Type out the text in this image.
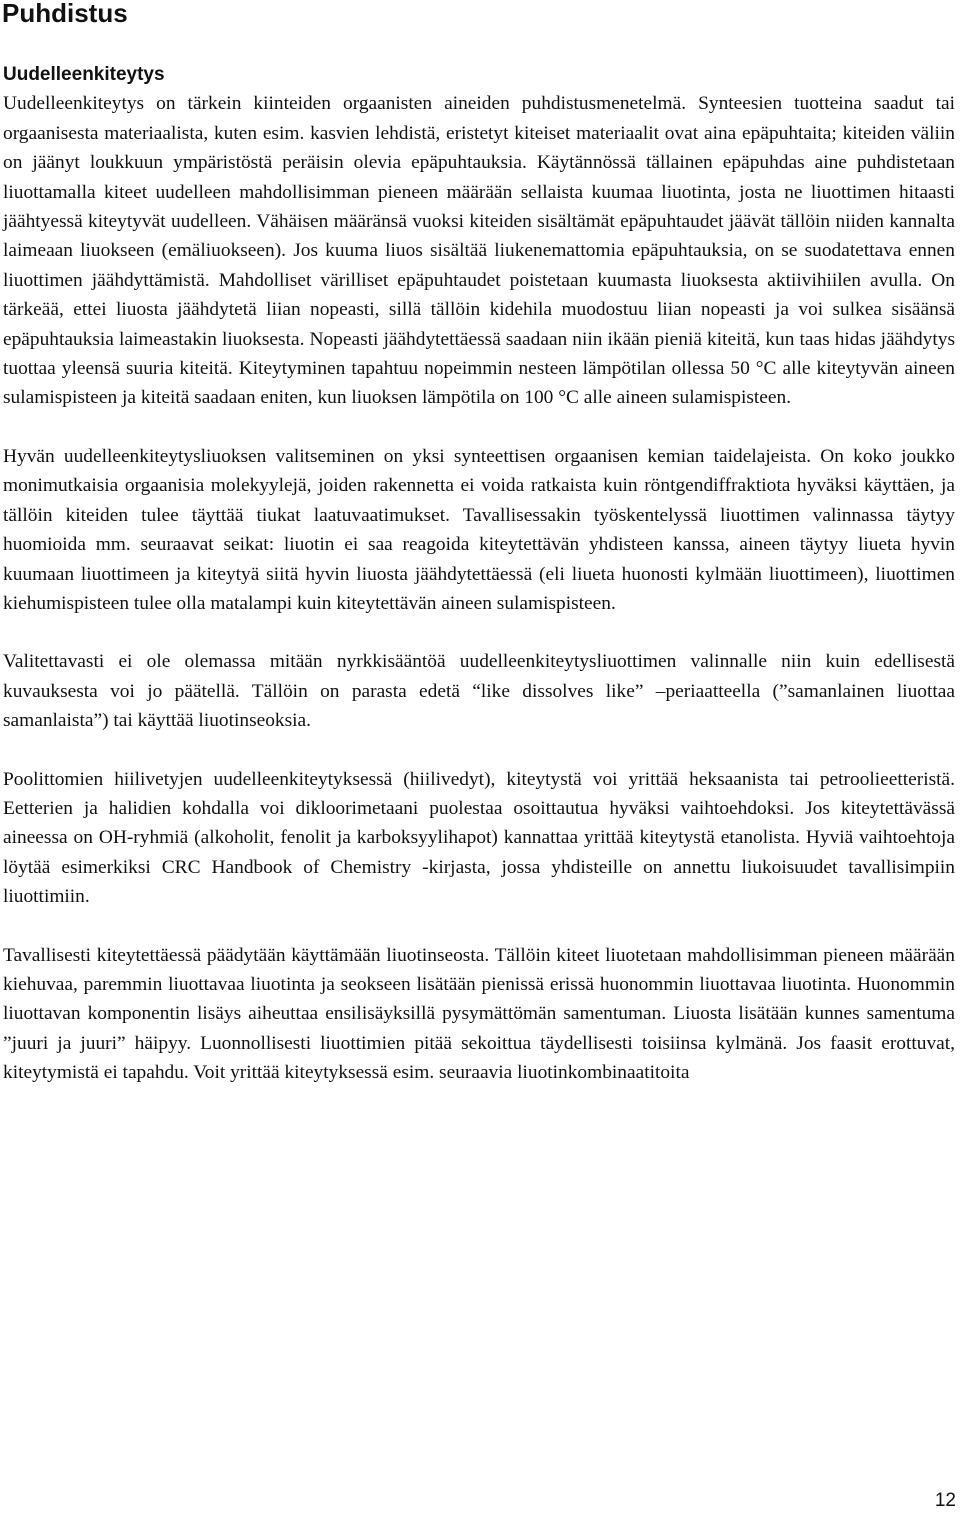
Puhdistus
Uudelleenkiteytys

Uudelleenkiteytys on tärkein kiinteiden orgaanisten aineiden puhdistusmenetelmä. Synteesien tuotteina saadut tai orgaanisesta materiaalista, kuten esim. kasvien lehdistä, eristetyt kiteiset materiaalit ovat aina epäpuhtaita; kiteiden väliin on jäänyt loukkuun ympäristöstä peräisin olevia epäpuhtauksia. Käytännössä tällainen epäpuhdas aine puhdistetaan liuottamalla kiteet uudelleen mahdollisimman pieneen määrään sellaista kuumaa liuotinta, josta ne liuottimen hitaasti jäähtyessä kiteytyvät uudelleen. Vähäisen määränsä vuoksi kiteiden sisältämät epäpuhtaudet jäävät tällöin niiden kannalta laimeaan liuokseen (emäliuokseen). Jos kuuma liuos sisältää liukenemattomia epäpuhtauksia, on se suodatettava ennen liuottimen jäähdyttämistä. Mahdolliset värilliset epäpuhtaudet poistetaan kuumasta liuoksesta aktiivihiilen avulla. On tärkeää, ettei liuosta jäähdytetä liian nopeasti, sillä tällöin kidehila muodostuu liian nopeasti ja voi sulkea sisäänsä epäpuhtauksia laimeastakin liuoksesta. Nopeasti jäähdytettäessä saadaan niin ikään pieniä kiteitä, kun taas hidas jäähdytys tuottaa yleensä suuria kiteitä. Kiteytyminen tapahtuu nopeimmin nesteen lämpötilan ollessa 50 °C alle kiteytyvän aineen sulamispisteen ja kiteitä saadaan eniten, kun liuoksen lämpötila on 100 °C alle aineen sulamispisteen.

Hyvän uudelleenkiteytysliuoksen valitseminen on yksi synteettisen orgaanisen kemian taidelajeista. On koko joukko monimutkaisia orgaanisia molekyylejä, joiden rakennetta ei voida ratkaista kuin röntgendiffraktiota hyväksi käyttäen, ja tällöin kiteiden tulee täyttää tiukat laatuvaatimukset. Tavallisessakin työskentelyssä liuottimen valinnassa täytyy huomioida mm. seuraavat seikat: liuotin ei saa reagoida kiteytettävän yhdisteen kanssa, aineen täytyy liueta hyvin kuumaan liuottimeen ja kiteytyä siitä hyvin liuosta jäähdytettäessä (eli liueta huonosti kylmään liuottimeen), liuottimen kiehumispisteen tulee olla matalampi kuin kiteytettävän aineen sulamispisteen.

Valitettavasti ei ole olemassa mitään nyrkkisääntöä uudelleenkiteytysliuottimen valinnalle niin kuin edellisestä kuvauksesta voi jo päätellä. Tällöin on parasta edetä “like dissolves like” –periaatteella (”samanlainen liuottaa samanlaista”) tai käyttää liuotinseoksia.

Poolittomien hiilivetyjen uudelleenkiteytyksessä (hiilivedyt), kiteytystä voi yrittää heksaanista tai petroolieetteristä. Eetterien ja halidien kohdalla voi dikloorimetaani puolestaa osoittautua hyväksi vaihtoehdoksi. Jos kiteytettävässä aineessa on OH-ryhmiä (alkoholit, fenolit ja karboksyylihapot) kannattaa yrittää kiteytystä etanolista. Hyviä vaihtoehtoja löytää esimerkiksi CRC Handbook of Chemistry -kirjasta, jossa yhdisteille on annettu liukoisuudet tavallisimpiin liuottimiin.

Tavallisesti kiteytettäessä päädytään käyttämään liuotinseosta. Tällöin kiteet liuotetaan mahdollisimman pieneen määrään kiehuvaa, paremmin liuottavaa liuotinta ja seokseen lisätään pienissä erissä huonommin liuottavaa liuotinta. Huonommin liuottavan komponentin lisäys aiheuttaa ensilisäyksillä pysymättömän samentuman. Liuosta lisätään kunnes samentuma ”juuri ja juuri” häipyy. Luonnollisesti liuottimien pitää sekoittua täydellisesti toisiinsa kylmänä. Jos faasit erottuvat, kiteytymistä ei tapahdu. Voit yrittää kiteytyksessä esim. seuraavia liuotinkombinaatitoita

12
